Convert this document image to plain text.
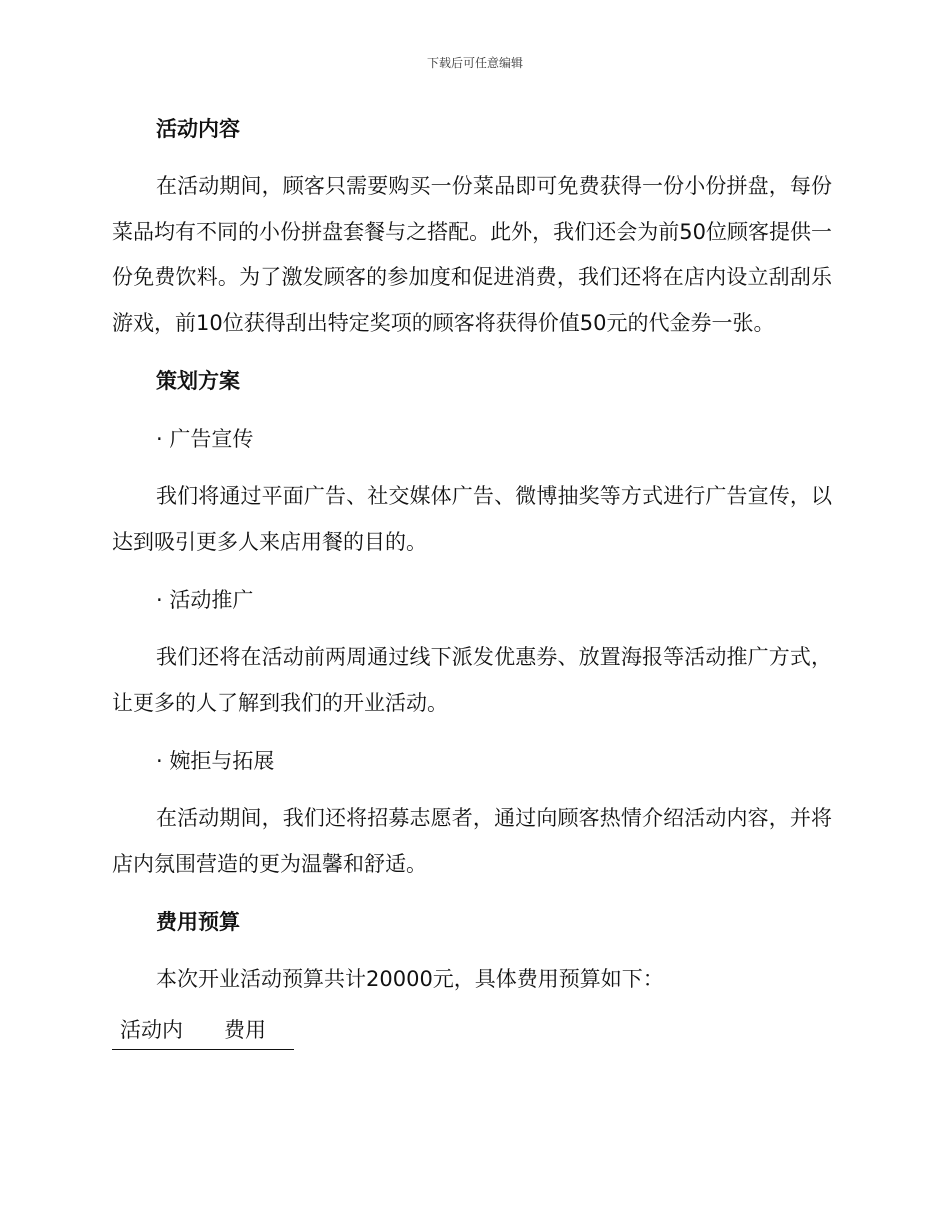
下载后可任意编辑
活动内容
在活动期间，顾客只需要购买一份菜品即可免费获得一份小份拼盘，每份菜品均有不同的小份拼盘套餐与之搭配。此外，我们还会为前50位顾客提供一份免费饮料。为了激发顾客的参加度和促进消费，我们还将在店内设立刮刮乐游戏，前10位获得刮出特定奖项的顾客将获得价值50元的代金券一张。
策划方案
· 广告宣传
我们将通过平面广告、社交媒体广告、微博抽奖等方式进行广告宣传，以达到吸引更多人来店用餐的目的。
· 活动推广
我们还将在活动前两周通过线下派发优惠券、放置海报等活动推广方式，让更多的人了解到我们的开业活动。
· 婉拒与拓展
在活动期间，我们还将招募志愿者，通过向顾客热情介绍活动内容，并将店内氛围营造的更为温馨和舒适。
费用预算
本次开业活动预算共计20000元，具体费用预算如下：
活动内	费用
